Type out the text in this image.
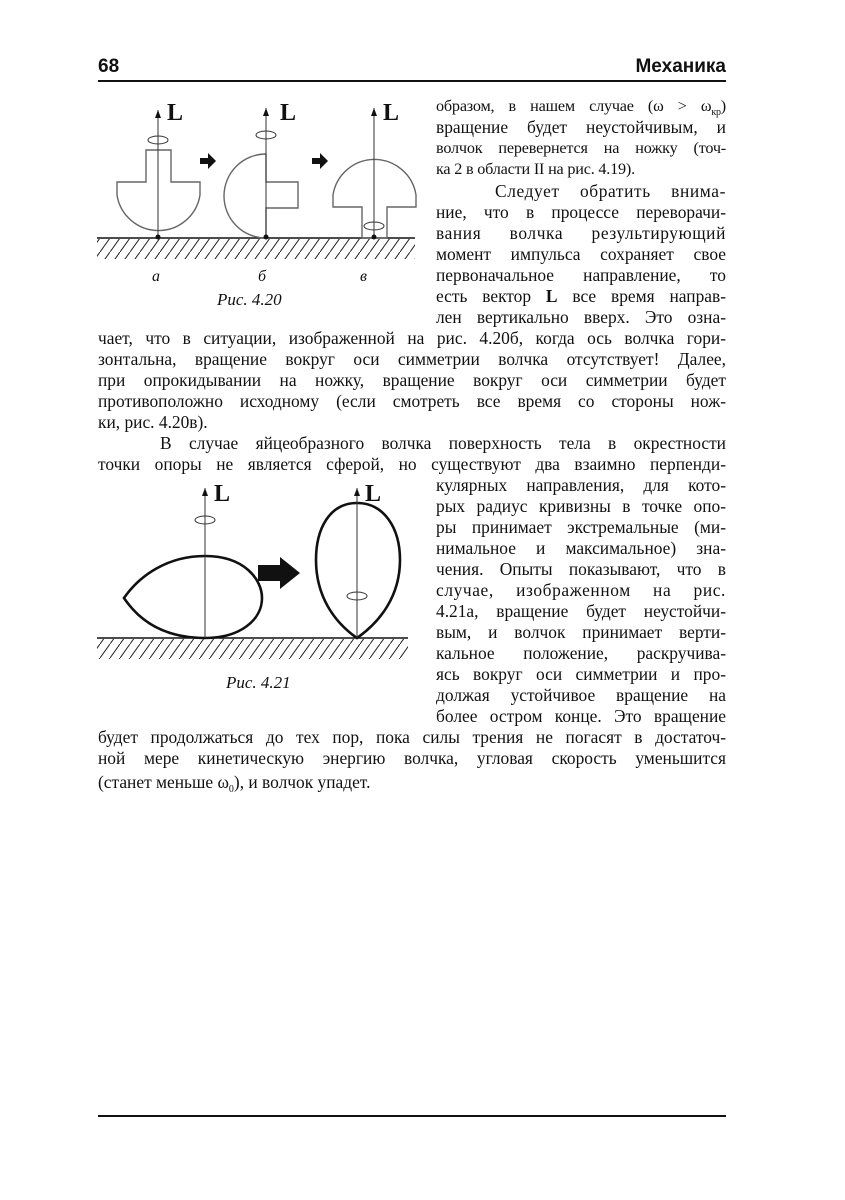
68	Механика
L	L	L
L	L
а	б	в
Рис. 4.20
Рис. 4.21
образом, в нашем случае $(\omega > \omega_{кр})$
вращение будет неустойчивым, и
волчок перевернется на ножку (точ-
ка 2 в области II на рис. 4.19).
Следует обратить внима-
ние, что в процессе переворачи-
вания волчка результирующий
момент импульса сохраняет свое
первоначальное направление, то
есть вектор L все время направ-
лен вертикально вверх. Это озна-
чает, что в ситуации, изображенной на рис. 4.20б, когда ось волчка гори-
зонтальна, вращение вокруг оси симметрии волчка отсутствует! Далее,
при опрокидывании на ножку, вращение вокруг оси симметрии будет
противоположно исходному (если смотреть все время со стороны нож-
ки, рис. 4.20в).
В случае яйцеобразного волчка поверхность тела в окрестности
точки опоры не является сферой, но существуют два взаимно перпенди-
кулярных направления, для кото-
рых радиус кривизны в точке опо-
ры принимает экстремальные (ми-
нимальное и максимальное) зна-
чения. Опыты показывают, что в
случае, изображенном на рис.
4.21а, вращение будет неустойчи-
вым, и волчок принимает верти-
кальное положение, раскручива-
ясь вокруг оси симметрии и про-
должая устойчивое вращение на
более остром конце. Это вращение
будет продолжаться до тех пор, пока силы трения не погасят в достаточ-
ной мере кинетическую энергию волчка, угловая скорость уменьшится
(станет меньше $\omega_0$), и волчок упадет.
